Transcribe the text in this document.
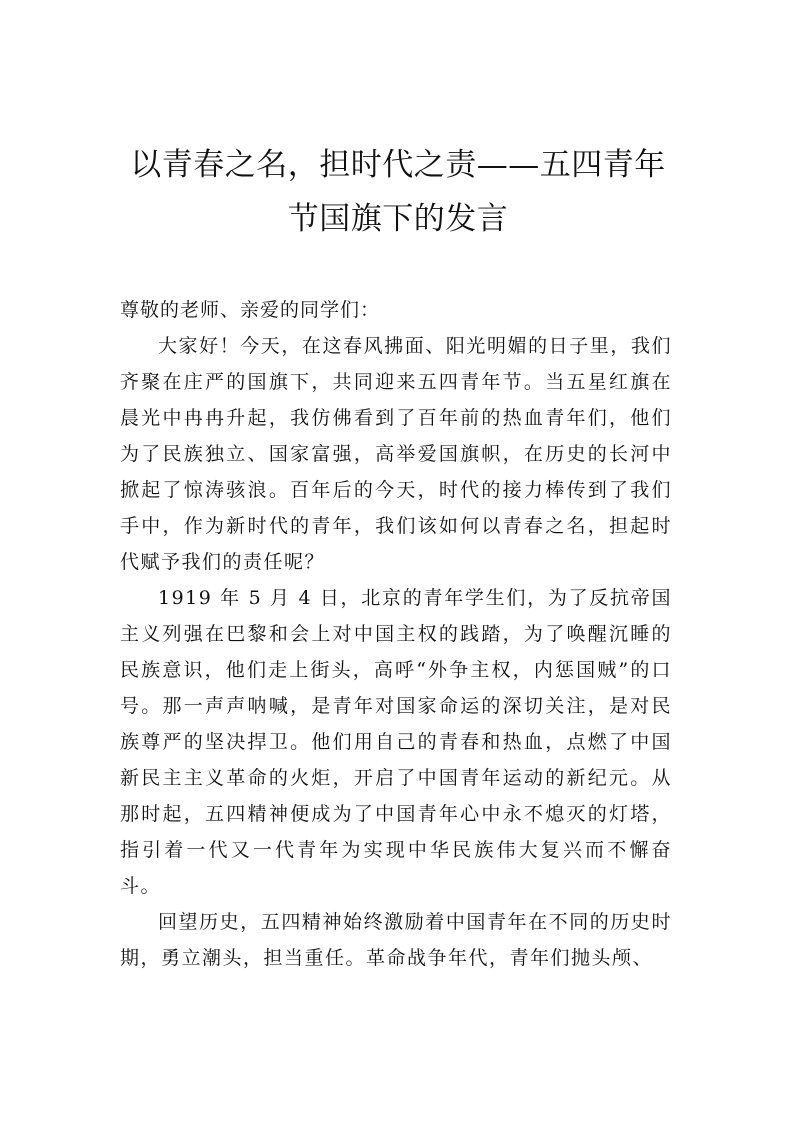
以青春之名，担时代之责——五四青年节国旗下的发言

尊敬的老师、亲爱的同学们：

大家好！今天，在这春风拂面、阳光明媚的日子里，我们齐聚在庄严的国旗下，共同迎来五四青年节。当五星红旗在晨光中冉冉升起，我仿佛看到了百年前的热血青年们，他们为了民族独立、国家富强，高举爱国旗帜，在历史的长河中掀起了惊涛骇浪。百年后的今天，时代的接力棒传到了我们手中，作为新时代的青年，我们该如何以青春之名，担起时代赋予我们的责任呢？

1919 年 5 月 4 日，北京的青年学生们，为了反抗帝国主义列强在巴黎和会上对中国主权的践踏，为了唤醒沉睡的民族意识，他们走上街头，高呼“外争主权，内惩国贼”的口号。那一声声呐喊，是青年对国家命运的深切关注，是对民族尊严的坚决捍卫。他们用自己的青春和热血，点燃了中国新民主主义革命的火炬，开启了中国青年运动的新纪元。从那时起，五四精神便成为了中国青年心中永不熄灭的灯塔，指引着一代又一代青年为实现中华民族伟大复兴而不懈奋斗。

回望历史，五四精神始终激励着中国青年在不同的历史时期，勇立潮头，担当重任。革命战争年代，青年们抛头颅、
